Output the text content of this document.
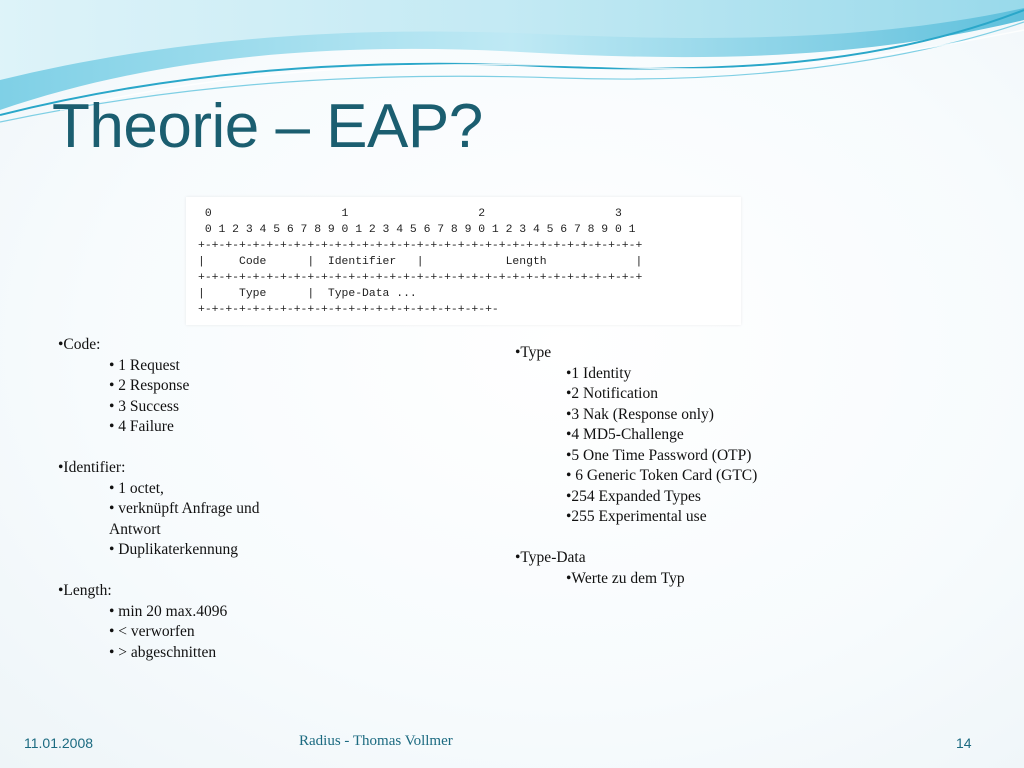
Theorie – EAP?
0                   1                   2                   3
0 1 2 3 4 5 6 7 8 9 0 1 2 3 4 5 6 7 8 9 0 1 2 3 4 5 6 7 8 9 0 1
+-+-+-+-+-+-+-+-+-+-+-+-+-+-+-+-+-+-+-+-+-+-+-+-+-+-+-+-+-+-+-+-+
|     Code      |  Identifier   |            Length             |
+-+-+-+-+-+-+-+-+-+-+-+-+-+-+-+-+-+-+-+-+-+-+-+-+-+-+-+-+-+-+-+-+
|     Type      |  Type-Data ...
+-+-+-+-+-+-+-+-+-+-+-+-+-+-+-+-+-+-+-+-+-+-

•Code:

• 1 Request

• 2 Response

• 3 Success

• 4 Failure

•Identifier:

• 1 octet,

• verknüpft Anfrage und

Antwort

• Duplikaterkennung

•Length:

• min 20 max.4096

• < verworfen

• > abgeschnitten

•Type

•1 Identity

•2 Notification

•3 Nak (Response only)

•4 MD5-Challenge

•5 One Time Password (OTP)

• 6 Generic Token Card (GTC)

•254 Expanded Types

•255 Experimental use

•Type-Data

•Werte zu dem Typ

11.01.2008	Radius - Thomas Vollmer	14
